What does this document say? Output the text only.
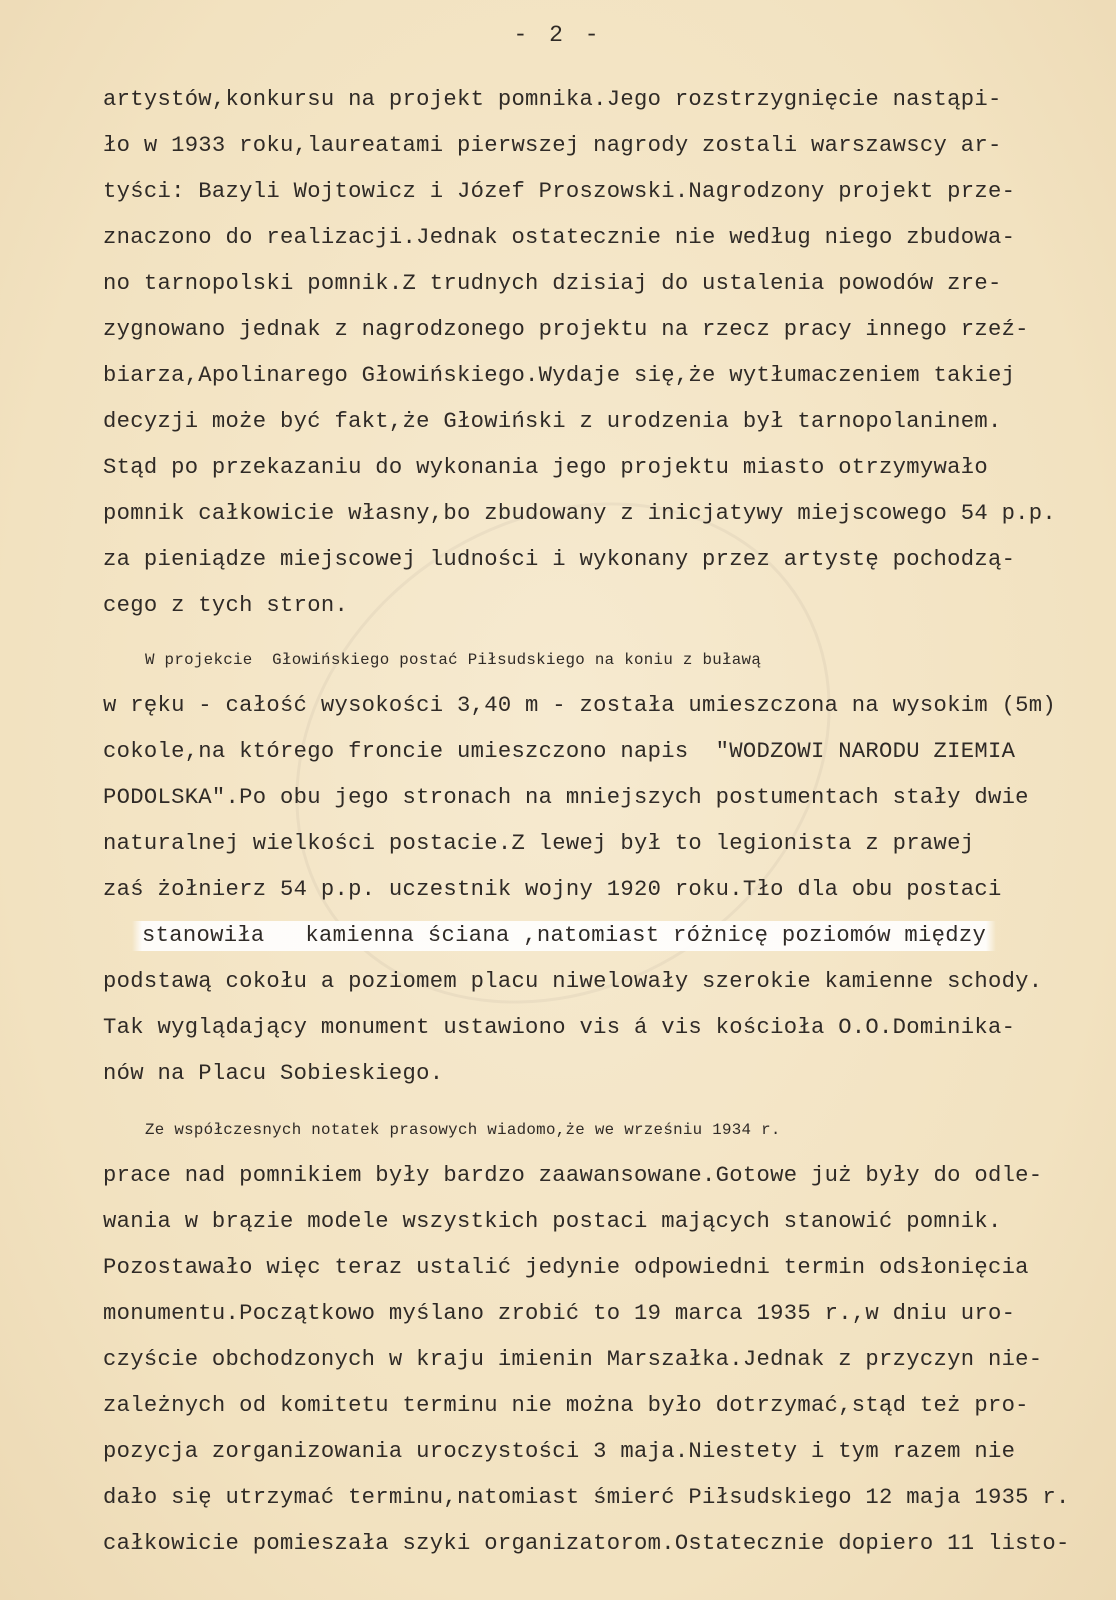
- 2 -
artystów,konkursu na projekt pomnika.Jego rozstrzygnięcie nastąpi-
ło w 1933 roku,laureatami pierwszej nagrody zostali warszawscy ar-
tyści: Bazyli Wojtowicz i Józef Proszowski.Nagrodzony projekt prze-
znaczono do realizacji.Jednak ostatecznie nie według niego zbudowa-
no tarnopolski pomnik.Z trudnych dzisiaj do ustalenia powodów zre-
zygnowano jednak z nagrodzonego projektu na rzecz pracy innego rzeź-
biarza,Apolinarego Głowińskiego.Wydaje się,że wytłumaczeniem takiej
decyzji może być fakt,że Głowiński z urodzenia był tarnopolaninem.
Stąd po przekazaniu do wykonania jego projektu miasto otrzymywało
pomnik całkowicie własny,bo zbudowany z inicjatywy miejscowego 54 p.p.
za pieniądze miejscowej ludności i wykonany przez artystę pochodzą-
cego z tych stron.
W projekcie  Głowińskiego postać Piłsudskiego na koniu z buławą
w ręku - całość wysokości 3,40 m - została umieszczona na wysokim (5m)
cokole,na którego froncie umieszczono napis  "WODZOWI NARODU ZIEMIA
PODOLSKA".Po obu jego stronach na mniejszych postumentach stały dwie
naturalnej wielkości postacie.Z lewej był to legionista z prawej
zaś żołnierz 54 p.p. uczestnik wojny 1920 roku.Tło dla obu postaci
stanowiła   kamienna ściana ,natomiast różnicę poziomów między
podstawą cokołu a poziomem placu niwelowały szerokie kamienne schody.
Tak wyglądający monument ustawiono vis á vis kościoła O.O.Dominika-
nów na Placu Sobieskiego.
Ze współczesnych notatek prasowych wiadomo,że we wrześniu 1934 r.
prace nad pomnikiem były bardzo zaawansowane.Gotowe już były do odle-
wania w brązie modele wszystkich postaci mających stanowić pomnik.
Pozostawało więc teraz ustalić jedynie odpowiedni termin odsłonięcia
monumentu.Początkowo myślano zrobić to 19 marca 1935 r.,w dniu uro-
czyście obchodzonych w kraju imienin Marszałka.Jednak z przyczyn nie-
zależnych od komitetu terminu nie można było dotrzymać,stąd też pro-
pozycja zorganizowania uroczystości 3 maja.Niestety i tym razem nie
dało się utrzymać terminu,natomiast śmierć Piłsudskiego 12 maja 1935 r.
całkowicie pomieszała szyki organizatorom.Ostatecznie dopiero 11 listo-
